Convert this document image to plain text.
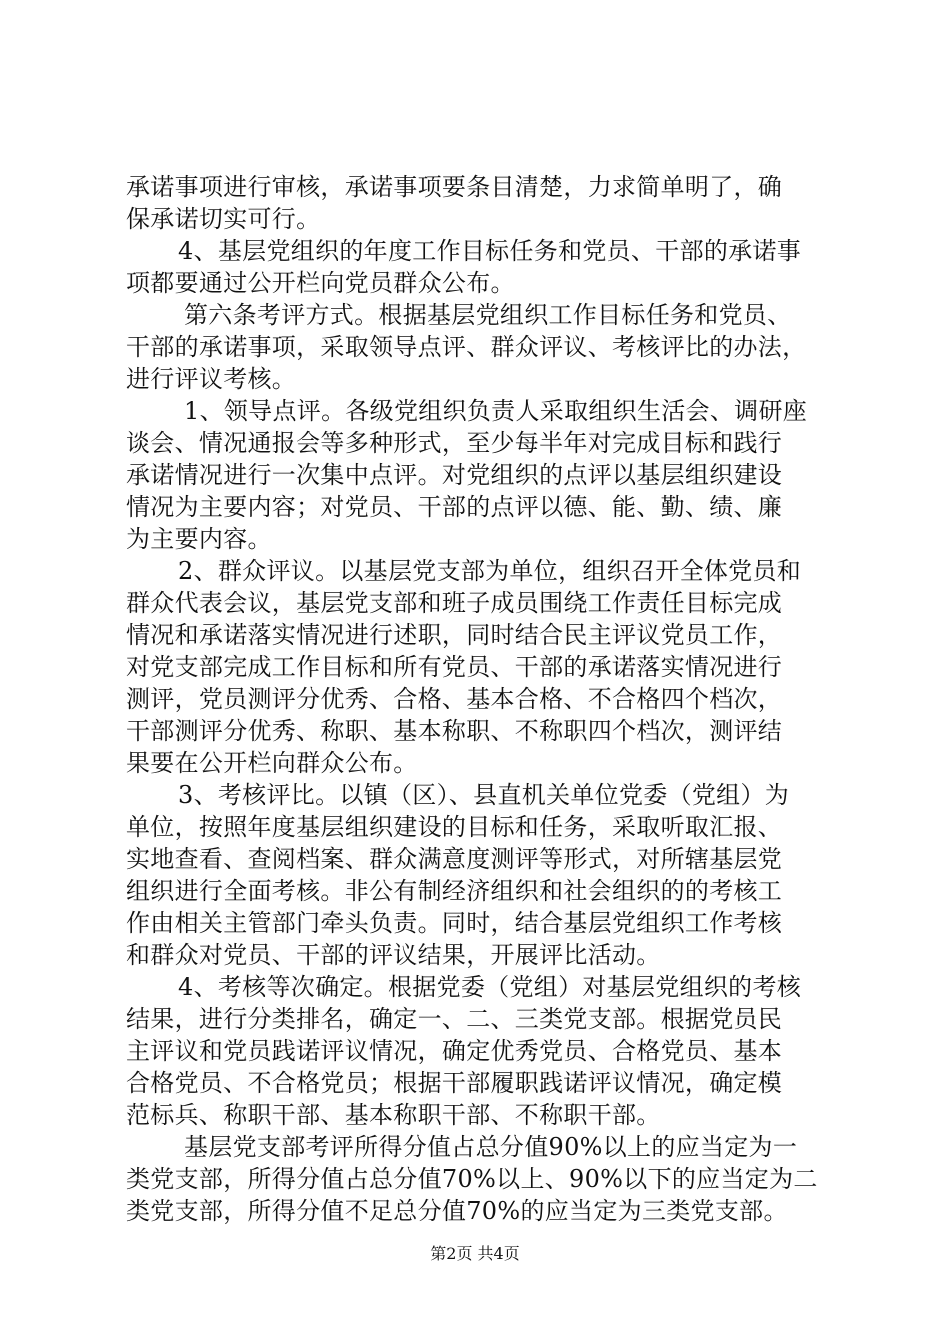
承诺事项进行审核，承诺事项要条目清楚，力求简单明了，确
保承诺切实可行。
4、基层党组织的年度工作目标任务和党员、干部的承诺事
项都要通过公开栏向党员群众公布。
第六条考评方式。根据基层党组织工作目标任务和党员、
干部的承诺事项，采取领导点评、群众评议、考核评比的办法，
进行评议考核。
1、领导点评。各级党组织负责人采取组织生活会、调研座
谈会、情况通报会等多种形式，至少每半年对完成目标和践行
承诺情况进行一次集中点评。对党组织的点评以基层组织建设
情况为主要内容；对党员、干部的点评以德、能、勤、绩、廉
为主要内容。
2、群众评议。以基层党支部为单位，组织召开全体党员和
群众代表会议，基层党支部和班子成员围绕工作责任目标完成
情况和承诺落实情况进行述职，同时结合民主评议党员工作，
对党支部完成工作目标和所有党员、干部的承诺落实情况进行
测评，党员测评分优秀、合格、基本合格、不合格四个档次，
干部测评分优秀、称职、基本称职、不称职四个档次，测评结
果要在公开栏向群众公布。
3、考核评比。以镇（区）、县直机关单位党委（党组）为
单位，按照年度基层组织建设的目标和任务，采取听取汇报、
实地查看、查阅档案、群众满意度测评等形式，对所辖基层党
组织进行全面考核。非公有制经济组织和社会组织的的考核工
作由相关主管部门牵头负责。同时，结合基层党组织工作考核
和群众对党员、干部的评议结果，开展评比活动。
4、考核等次确定。根据党委（党组）对基层党组织的考核
结果，进行分类排名，确定一、二、三类党支部。根据党员民
主评议和党员践诺评议情况，确定优秀党员、合格党员、基本
合格党员、不合格党员；根据干部履职践诺评议情况，确定模
范标兵、称职干部、基本称职干部、不称职干部。
基层党支部考评所得分值占总分值90%以上的应当定为一
类党支部，所得分值占总分值70%以上、90%以下的应当定为二
类党支部，所得分值不足总分值70%的应当定为三类党支部。
第2页 共4页
